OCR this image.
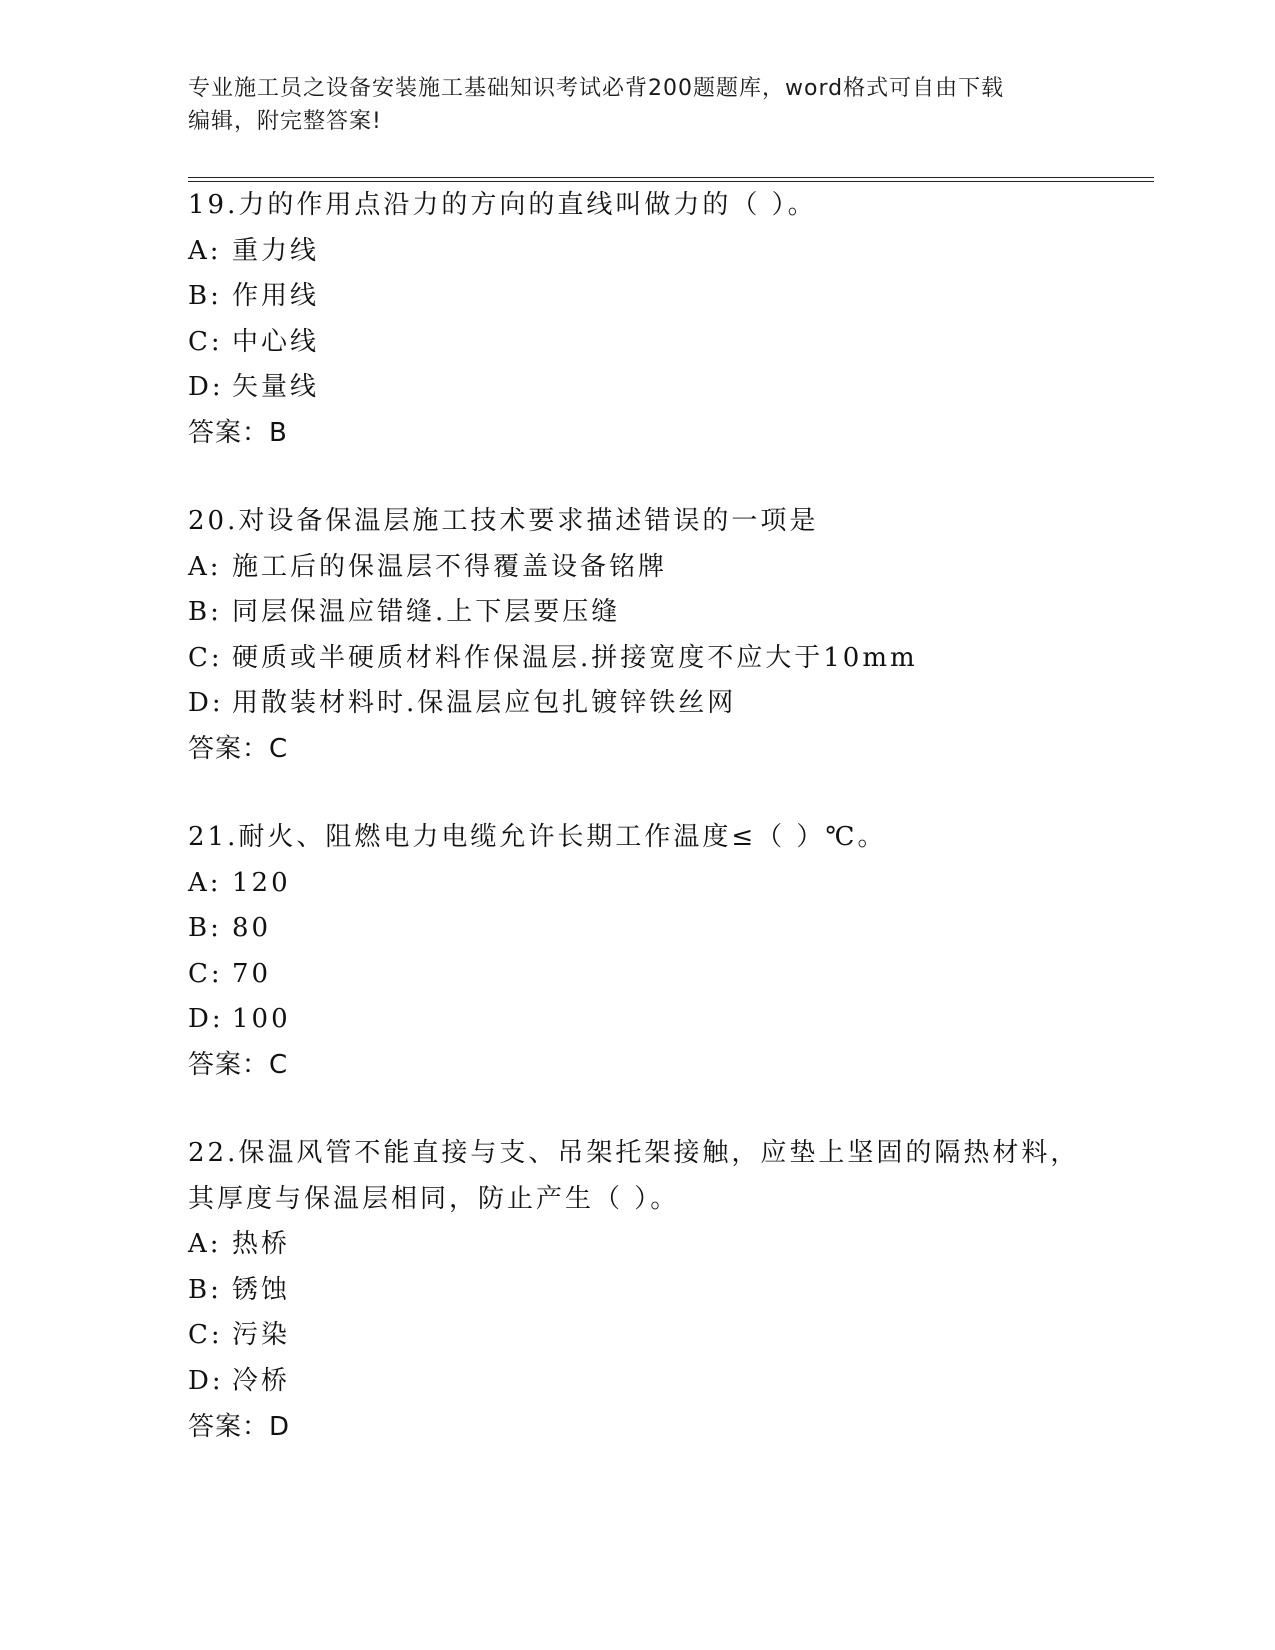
专业施工员之设备安装施工基础知识考试必背200题题库，word格式可自由下载
编辑，附完整答案!
19.力的作用点沿力的方向的直线叫做力的（ ）。
A: 重力线
B: 作用线
C: 中心线
D: 矢量线
答案：B
20.对设备保温层施工技术要求描述错误的一项是
A: 施工后的保温层不得覆盖设备铭牌
B: 同层保温应错缝.上下层要压缝
C: 硬质或半硬质材料作保温层.拼接宽度不应大于10mm
D: 用散装材料时.保温层应包扎镀锌铁丝网
答案：C
21.耐火、阻燃电力电缆允许长期工作温度≤（ ）℃。
A: 120
B: 80
C: 70
D: 100
答案：C
22.保温风管不能直接与支、吊架托架接触，应垫上坚固的隔热材料，
其厚度与保温层相同，防止产生（ ）。
A: 热桥
B: 锈蚀
C: 污染
D: 冷桥
答案：D
